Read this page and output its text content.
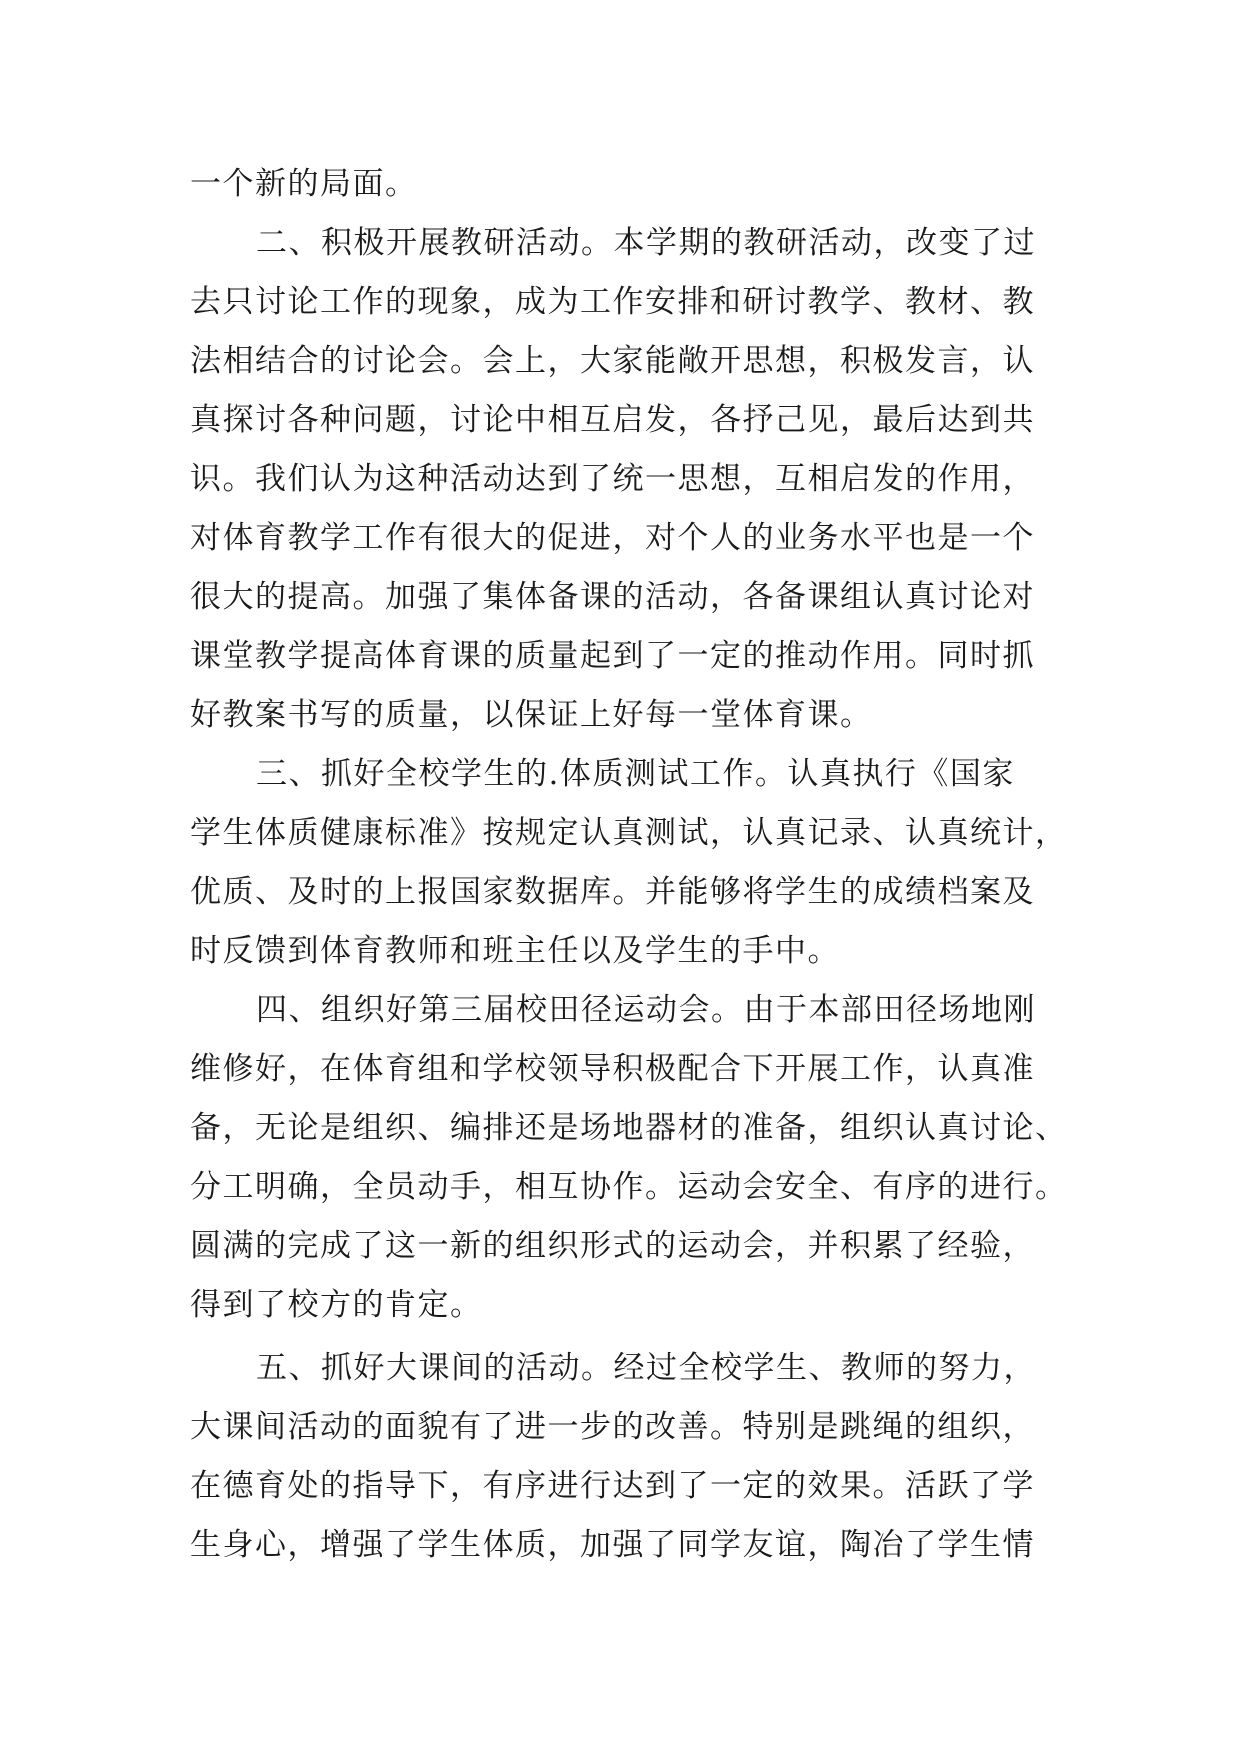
一个新的局面。
二、积极开展教研活动。本学期的教研活动，改变了过
去只讨论工作的现象，成为工作安排和研讨教学、教材、教
法相结合的讨论会。会上，大家能敞开思想，积极发言，认
真探讨各种问题，讨论中相互启发，各抒己见，最后达到共
识。我们认为这种活动达到了统一思想，互相启发的作用，
对体育教学工作有很大的促进，对个人的业务水平也是一个
很大的提高。加强了集体备课的活动，各备课组认真讨论对
课堂教学提高体育课的质量起到了一定的推动作用。同时抓
好教案书写的质量，以保证上好每一堂体育课。
三、抓好全校学生的.体质测试工作。认真执行《国家
学生体质健康标准》按规定认真测试，认真记录、认真统计，
优质、及时的上报国家数据库。并能够将学生的成绩档案及
时反馈到体育教师和班主任以及学生的手中。
四、组织好第三届校田径运动会。由于本部田径场地刚
维修好，在体育组和学校领导积极配合下开展工作，认真准
备，无论是组织、编排还是场地器材的准备，组织认真讨论、
分工明确，全员动手，相互协作。运动会安全、有序的进行。
圆满的完成了这一新的组织形式的运动会，并积累了经验，
得到了校方的肯定。
五、抓好大课间的活动。经过全校学生、教师的努力，
大课间活动的面貌有了进一步的改善。特别是跳绳的组织，
在德育处的指导下，有序进行达到了一定的效果。活跃了学
生身心，增强了学生体质，加强了同学友谊，陶冶了学生情
